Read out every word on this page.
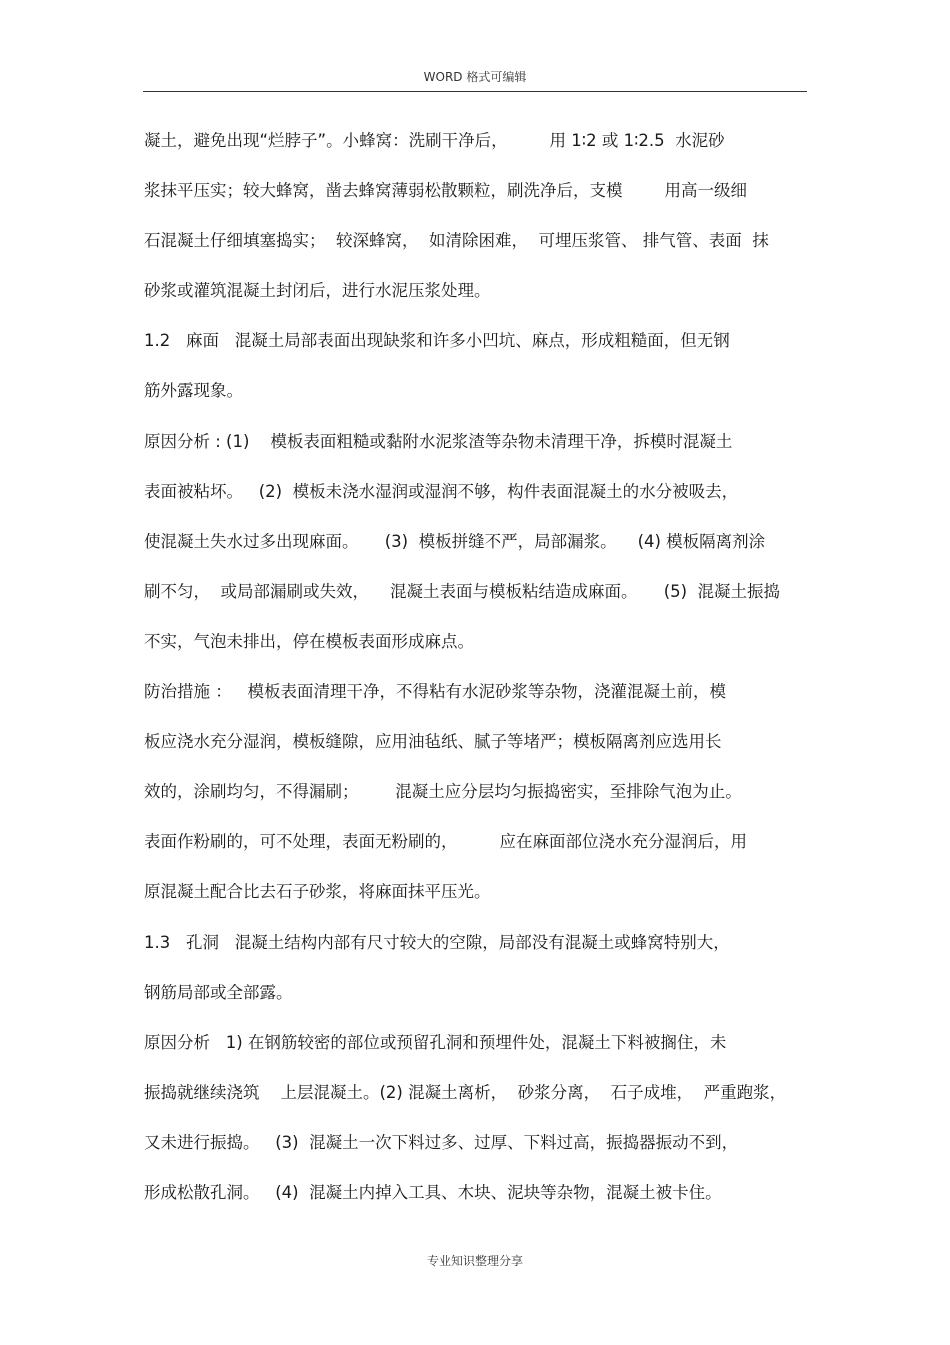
WORD 格式可编辑
凝土，避免出现“烂脖子”。小蜂窝：洗刷干净后，        用 1∶2 或 1∶2.5  水泥砂
浆抹平压实；较大蜂窝，凿去蜂窝薄弱松散颗粒，刷洗净后，支模        用高一级细
石混凝土仔细填塞捣实；  较深蜂窝，  如清除困难，  可埋压浆管、 排气管、表面  抹
砂浆或灌筑混凝土封闭后，进行水泥压浆处理。
1.2   麻面   混凝土局部表面出现缺浆和许多小凹坑、麻点，形成粗糙面，但无钢
筋外露现象。
原因分析 : (1)    模板表面粗糙或黏附水泥浆渣等杂物未清理干净，拆模时混凝土
表面被粘坏。   (2)  模板未浇水湿润或湿润不够，构件表面混凝土的水分被吸去，
使混凝土失水过多出现麻面。     (3)  模板拼缝不严，局部漏浆。    (4) 模板隔离剂涂
刷不匀，  或局部漏刷或失效，    混凝土表面与模板粘结造成麻面。     (5)  混凝土振捣
不实，气泡未排出，停在模板表面形成麻点。
防治措施 ：   模板表面清理干净，不得粘有水泥砂浆等杂物，浇灌混凝土前，模
板应浇水充分湿润，模板缝隙，应用油毡纸、腻子等堵严；模板隔离剂应选用长
效的，涂刷均匀，不得漏刷；       混凝土应分层均匀振捣密实，至排除气泡为止。
表面作粉刷的，可不处理，表面无粉刷的，        应在麻面部位浇水充分湿润后，用
原混凝土配合比去石子砂浆，将麻面抹平压光。
1.3   孔洞   混凝土结构内部有尺寸较大的空隙，局部没有混凝土或蜂窝特别大，
钢筋局部或全部露。
原因分析   1) 在钢筋较密的部位或预留孔洞和预埋件处，混凝土下料被搁住，未
振捣就继续浇筑    上层混凝土。(2) 混凝土离析，  砂浆分离，  石子成堆，  严重跑浆，
又未进行振捣。   (3)  混凝土一次下料过多、过厚、下料过高，振捣器振动不到，
形成松散孔洞。   (4)  混凝土内掉入工具、木块、泥块等杂物，混凝土被卡住。
专业知识整理分享
